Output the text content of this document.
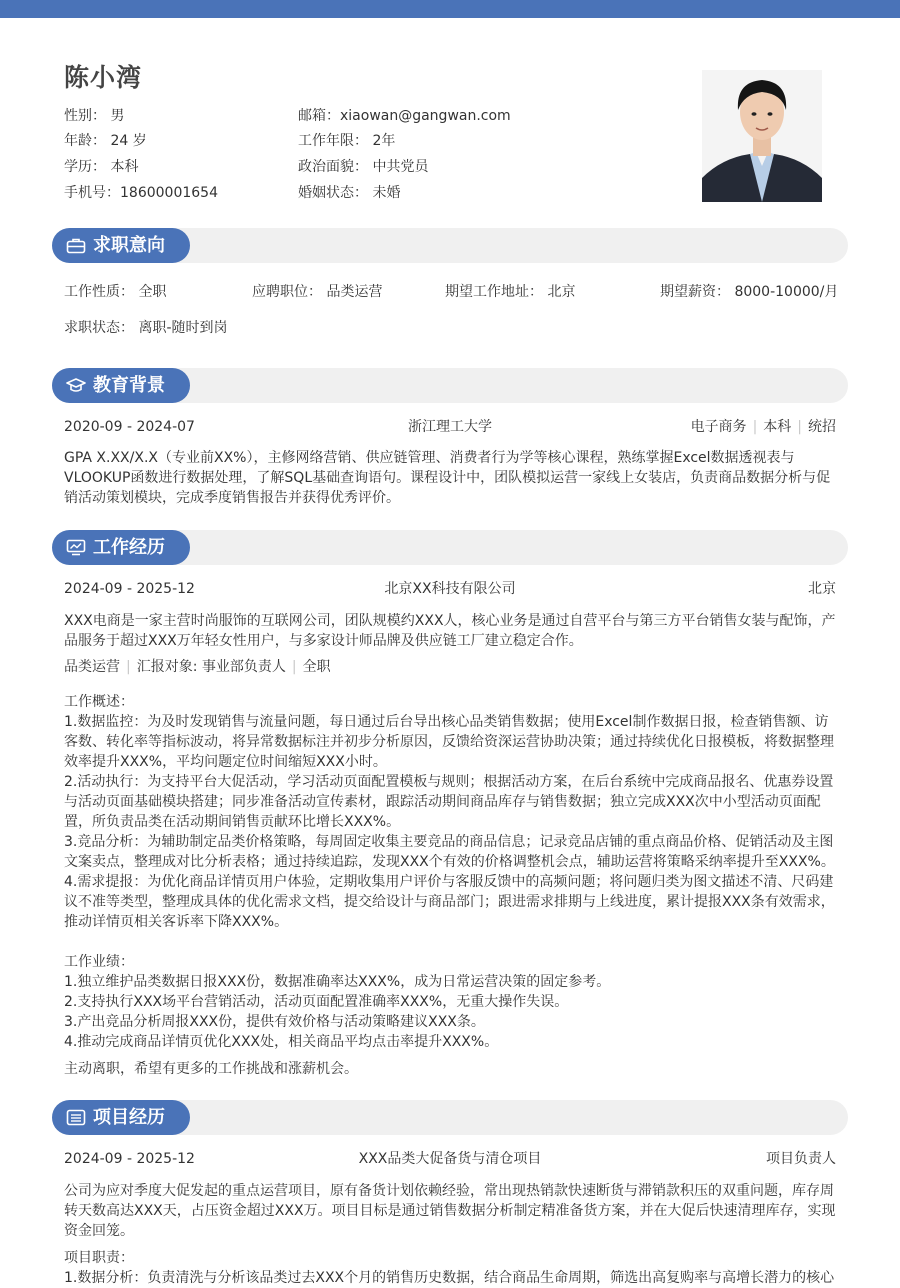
陈小湾
性别： 男
年龄： 24 岁
学历： 本科
手机号：18600001654
邮箱：xiaowan@gangwan.com
工作年限： 2年
政治面貌： 中共党员
婚姻状态： 未婚
求职意向
工作性质： 全职	应聘职位： 品类运营	期望工作地址： 北京	期望薪资： 8000-10000/月
求职状态： 离职-随时到岗
教育背景
2020-09 - 2024-07	浙江理工大学	电子商务 | 本科 | 统招
GPA X.XX/X.X（专业前XX%），主修网络营销、供应链管理、消费者行为学等核心课程，熟练掌握Excel数据透视表与VLOOKUP函数进行数据处理，了解SQL基础查询语句。课程设计中，团队模拟运营一家线上女装店，负责商品数据分析与促销活动策划模块，完成季度销售报告并获得优秀评价。
工作经历
2024-09 - 2025-12	北京XX科技有限公司	北京
XXX电商是一家主营时尚服饰的互联网公司，团队规模约XXX人，核心业务是通过自营平台与第三方平台销售女装与配饰，产品服务于超过XXX万年轻女性用户，与多家设计师品牌及供应链工厂建立稳定合作。
品类运营 | 汇报对象: 事业部负责人 | 全职

工作概述：

1.数据监控：为及时发现销售与流量问题，每日通过后台导出核心品类销售数据；使用Excel制作数据日报，检查销售额、访客数、转化率等指标波动，将异常数据标注并初步分析原因，反馈给资深运营协助决策；通过持续优化日报模板，将数据整理效率提升XXX%，平均问题定位时间缩短XXX小时。

2.活动执行：为支持平台大促活动，学习活动页面配置模板与规则；根据活动方案，在后台系统中完成商品报名、优惠券设置与活动页面基础模块搭建；同步准备活动宣传素材，跟踪活动期间商品库存与销售数据；独立完成XXX次中小型活动页面配置，所负责品类在活动期间销售贡献环比增长XXX%。

3.竞品分析：为辅助制定品类价格策略，每周固定收集主要竞品的商品信息；记录竞品店铺的重点商品价格、促销活动及主图文案卖点，整理成对比分析表格；通过持续追踪，发现XXX个有效的价格调整机会点，辅助运营将策略采纳率提升至XXX%。

4.需求提报：为优化商品详情页用户体验，定期收集用户评价与客服反馈中的高频问题；将问题归类为图文描述不清、尺码建议不准等类型，整理成具体的优化需求文档，提交给设计与商品部门；跟进需求排期与上线进度，累计提报XXX条有效需求，推动详情页相关客诉率下降XXX%。

工作业绩：

1.独立维护品类数据日报XXX份，数据准确率达XXX%，成为日常运营决策的固定参考。

2.支持执行XXX场平台营销活动，活动页面配置准确率XXX%，无重大操作失误。

3.产出竞品分析周报XXX份，提供有效价格与活动策略建议XXX条。

4.推动完成商品详情页优化XXX处，相关商品平均点击率提升XXX%。

主动离职，希望有更多的工作挑战和涨薪机会。
项目经历
2024-09 - 2025-12	XXX品类大促备货与清仓项目	项目负责人
公司为应对季度大促发起的重点运营项目，原有备货计划依赖经验，常出现热销款快速断货与滞销款积压的双重问题，库存周转天数高达XXX天，占压资金超过XXX万。项目目标是通过销售数据分析制定精准备货方案，并在大促后快速清理库存，实现资金回笼。

项目职责：

1.数据分析：负责清洗与分析该品类过去XXX个月的销售历史数据，结合商品生命周期，筛选出高复购率与高增长潜力的核心
